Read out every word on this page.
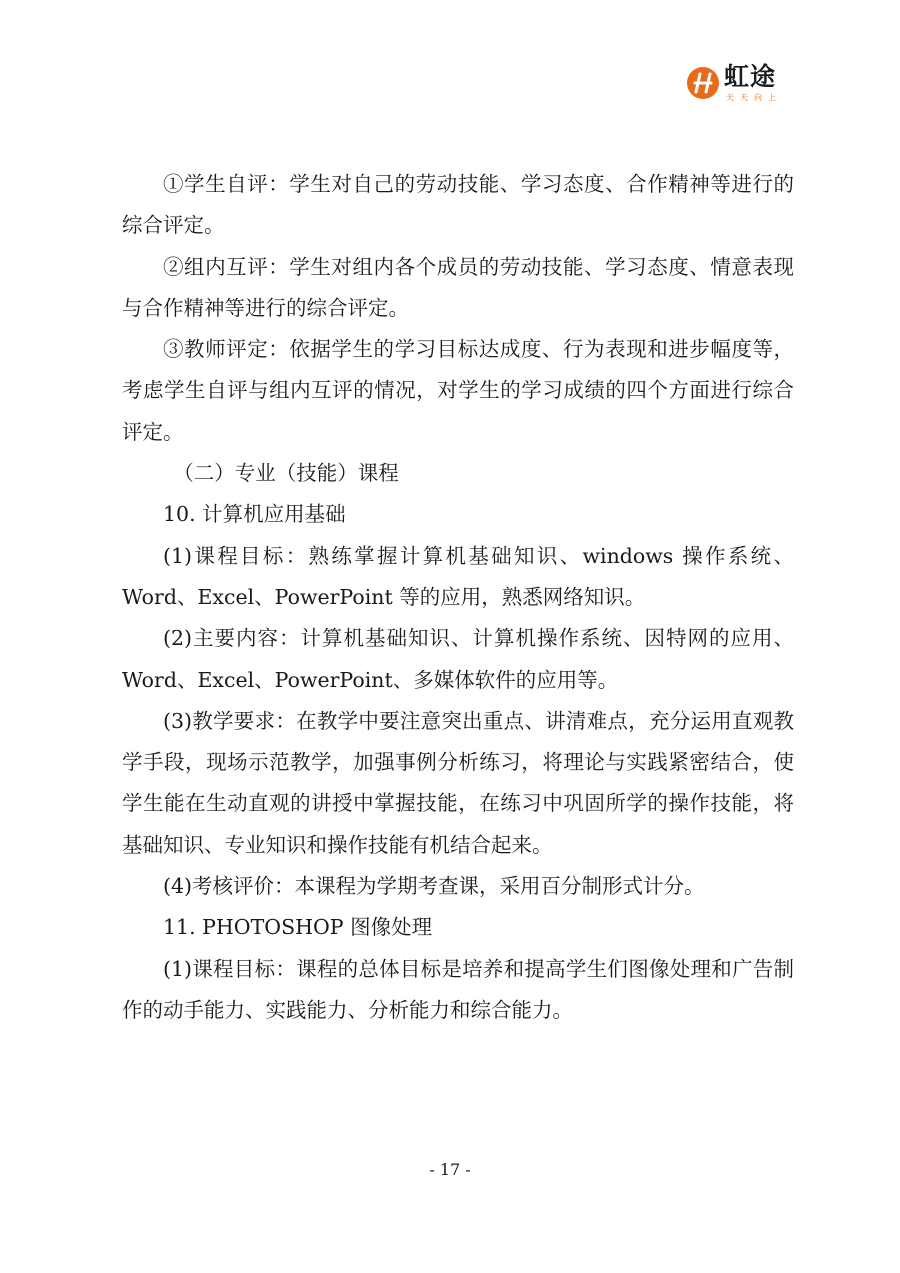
虹途
天天向上

①学生自评：学生对自己的劳动技能、学习态度、合作精神等进行的综合评定。

②组内互评：学生对组内各个成员的劳动技能、学习态度、情意表现与合作精神等进行的综合评定。

③教师评定：依据学生的学习目标达成度、行为表现和进步幅度等，考虑学生自评与组内互评的情况，对学生的学习成绩的四个方面进行综合评定。

（二）专业（技能）课程

10. 计算机应用基础

(1)课程目标：熟练掌握计算机基础知识、windows 操作系统、Word、Excel、PowerPoint 等的应用，熟悉网络知识。

(2)主要内容：计算机基础知识、计算机操作系统、因特网的应用、Word、Excel、PowerPoint、多媒体软件的应用等。

(3)教学要求：在教学中要注意突出重点、讲清难点，充分运用直观教学手段，现场示范教学，加强事例分析练习，将理论与实践紧密结合，使学生能在生动直观的讲授中掌握技能，在练习中巩固所学的操作技能，将基础知识、专业知识和操作技能有机结合起来。

(4)考核评价：本课程为学期考查课，采用百分制形式计分。

11. PHOTOSHOP 图像处理

(1)课程目标：课程的总体目标是培养和提高学生们图像处理和广告制作的动手能力、实践能力、分析能力和综合能力。

- 17 -
